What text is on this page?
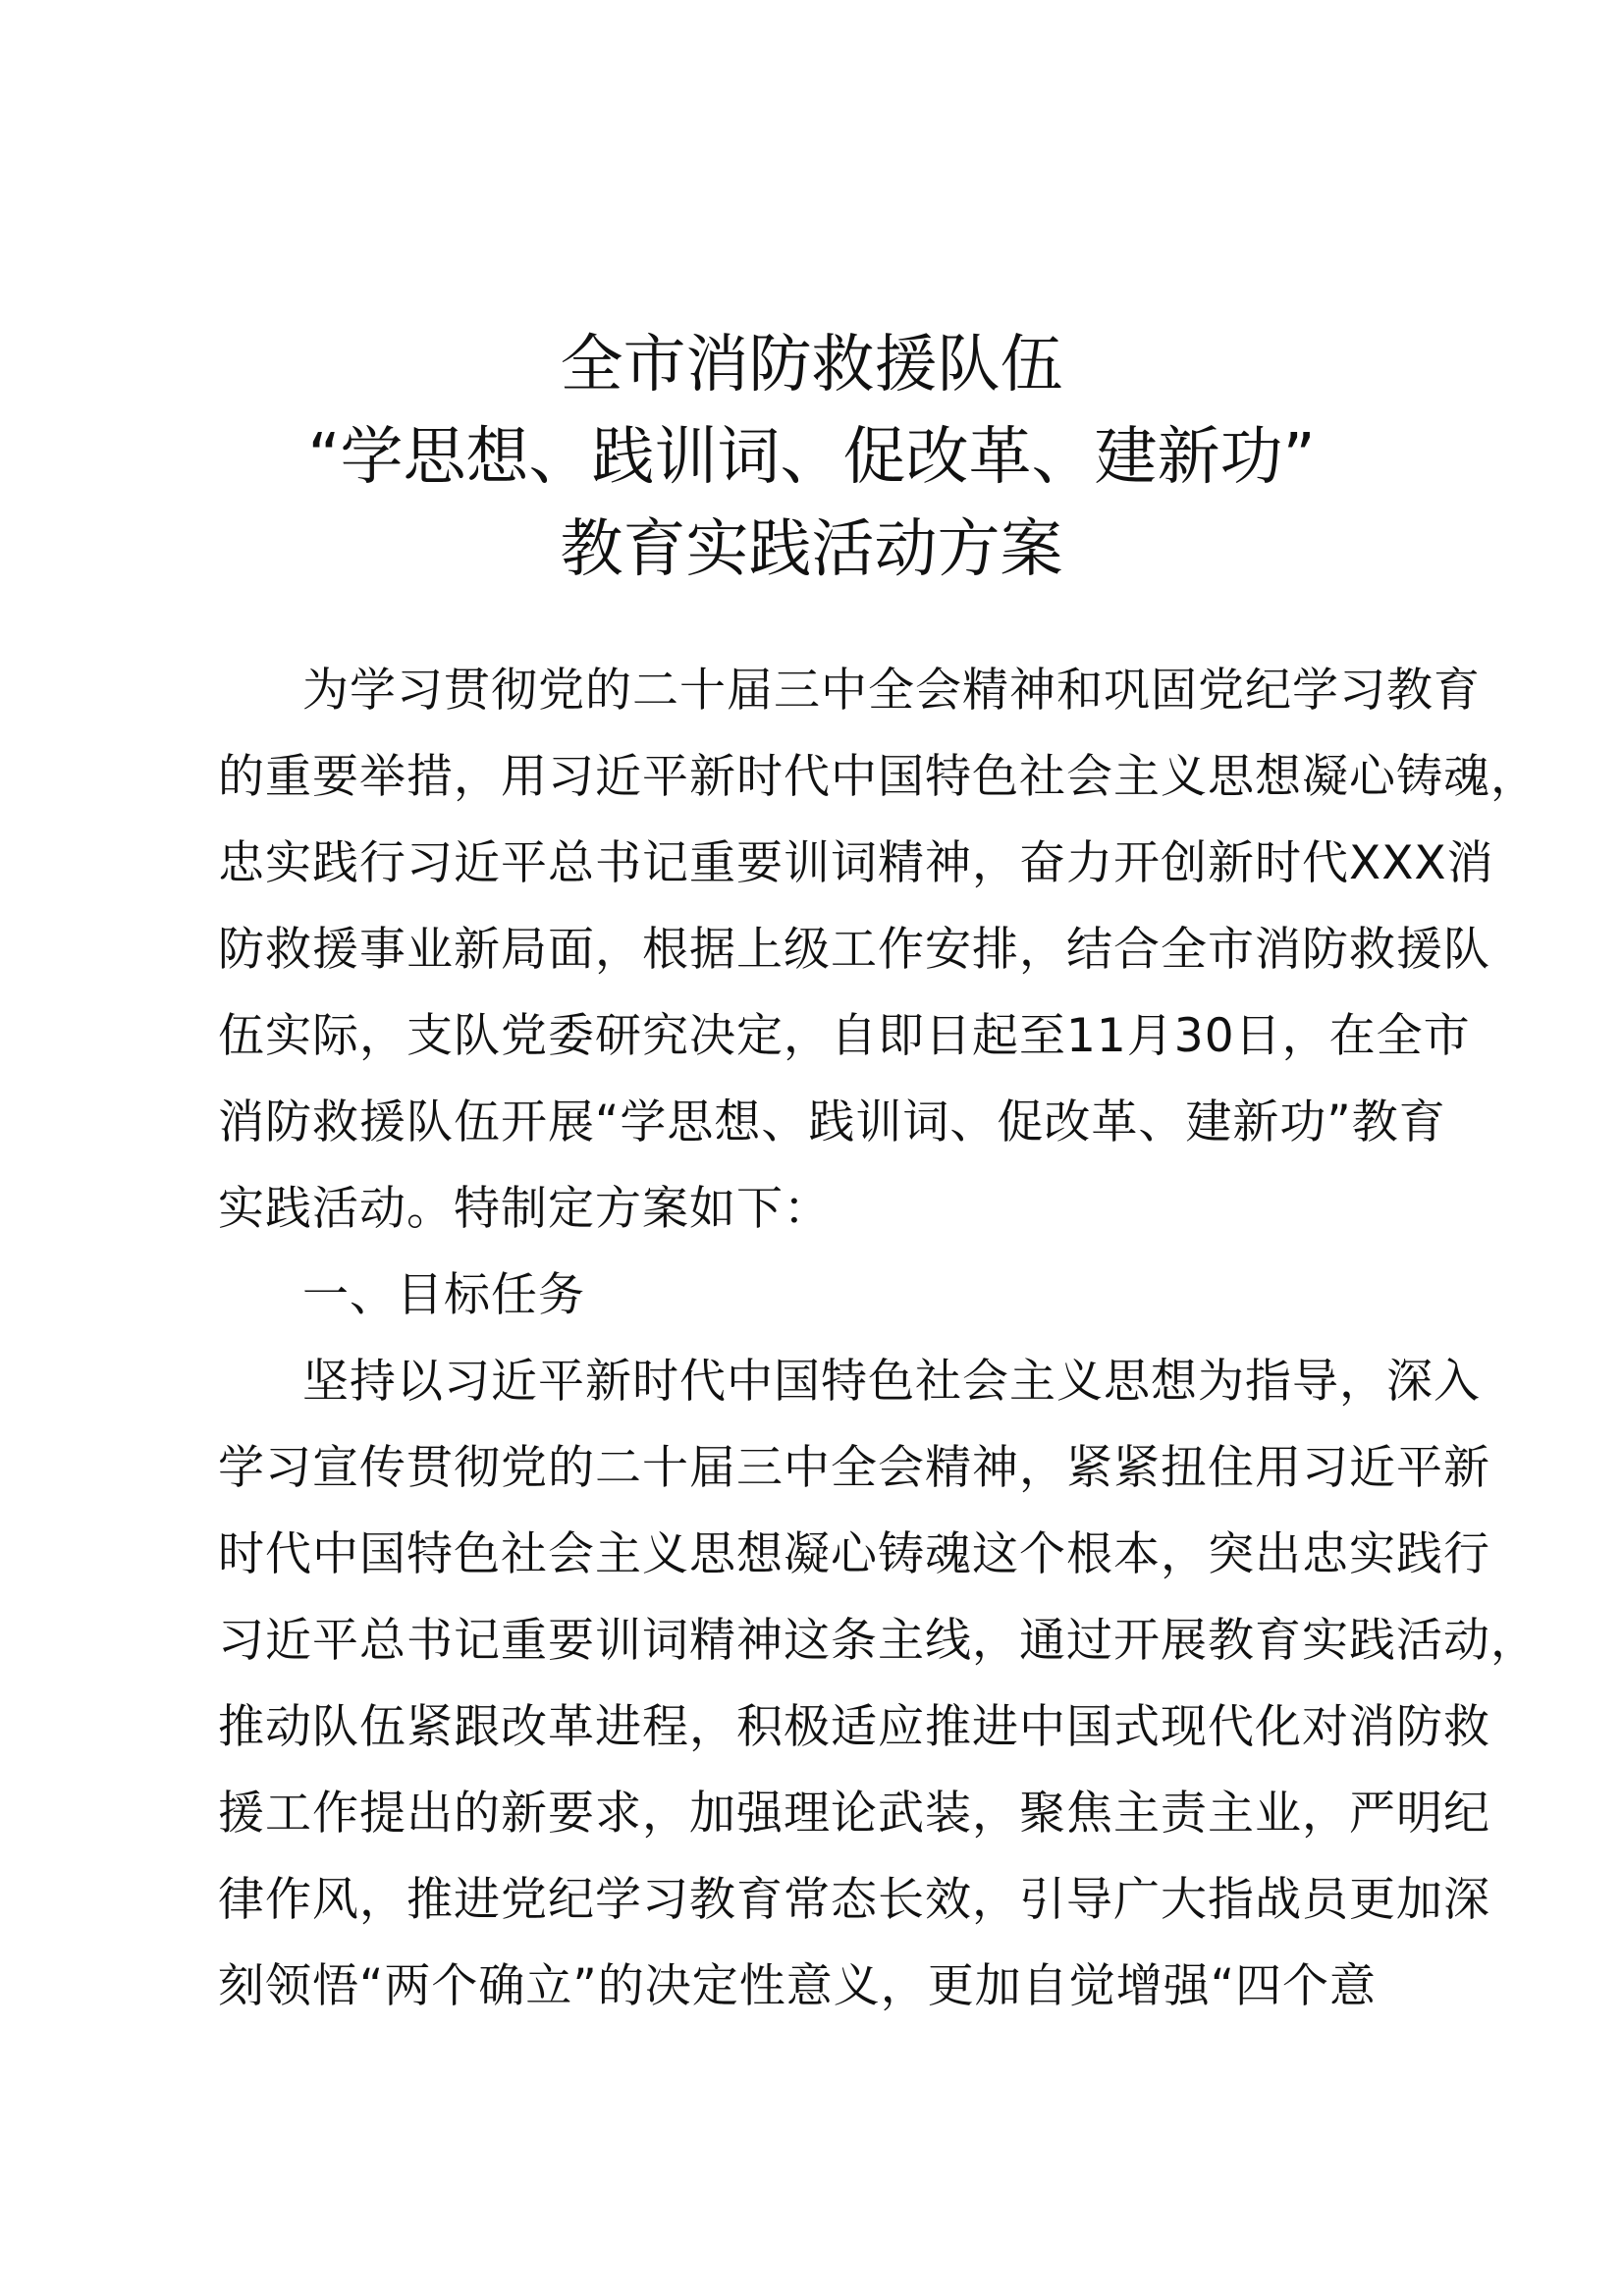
全市消防救援队伍
“学思想、践训词、促改革、建新功”
教育实践活动方案
为学习贯彻党的二十届三中全会精神和巩固党纪学习教育
的重要举措，用习近平新时代中国特色社会主义思想凝心铸魂，
忠实践行习近平总书记重要训词精神，奋力开创新时代XXX消
防救援事业新局面，根据上级工作安排，结合全市消防救援队
伍实际，支队党委研究决定，自即日起至11月30日，在全市
消防救援队伍开展“学思想、践训词、促改革、建新功”教育
实践活动。特制定方案如下：
一、目标任务
坚持以习近平新时代中国特色社会主义思想为指导，深入
学习宣传贯彻党的二十届三中全会精神，紧紧扭住用习近平新
时代中国特色社会主义思想凝心铸魂这个根本，突出忠实践行
习近平总书记重要训词精神这条主线，通过开展教育实践活动，
推动队伍紧跟改革进程，积极适应推进中国式现代化对消防救
援工作提出的新要求，加强理论武装，聚焦主责主业，严明纪
律作风，推进党纪学习教育常态长效，引导广大指战员更加深
刻领悟“两个确立”的决定性意义，更加自觉增强“四个意
